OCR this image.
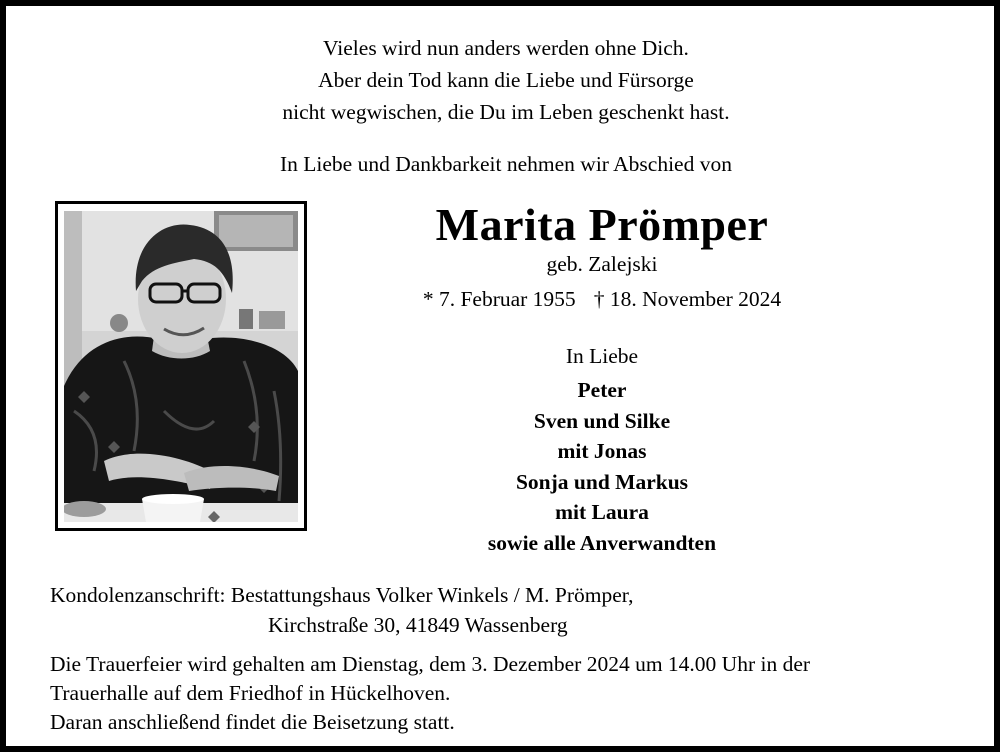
Vieles wird nun anders werden ohne Dich.
Aber dein Tod kann die Liebe und Fürsorge
nicht wegwischen, die Du im Leben geschenkt hast.
In Liebe und Dankbarkeit nehmen wir Abschied von
Marita Prömper
geb. Zalejski
* 7. Februar 1955 † 18. November 2024
In Liebe
Peter
Sven und Silke
mit Jonas
Sonja und Markus
mit Laura
sowie alle Anverwandten
Kondolenzanschrift: Bestattungshaus Volker Winkels / M. Prömper,
Kirchstraße 30, 41849 Wassenberg
Die Trauerfeier wird gehalten am Dienstag, dem 3. Dezember 2024 um 14.00 Uhr in der
Trauerhalle auf dem Friedhof in Hückelhoven.
Daran anschließend findet die Beisetzung statt.
